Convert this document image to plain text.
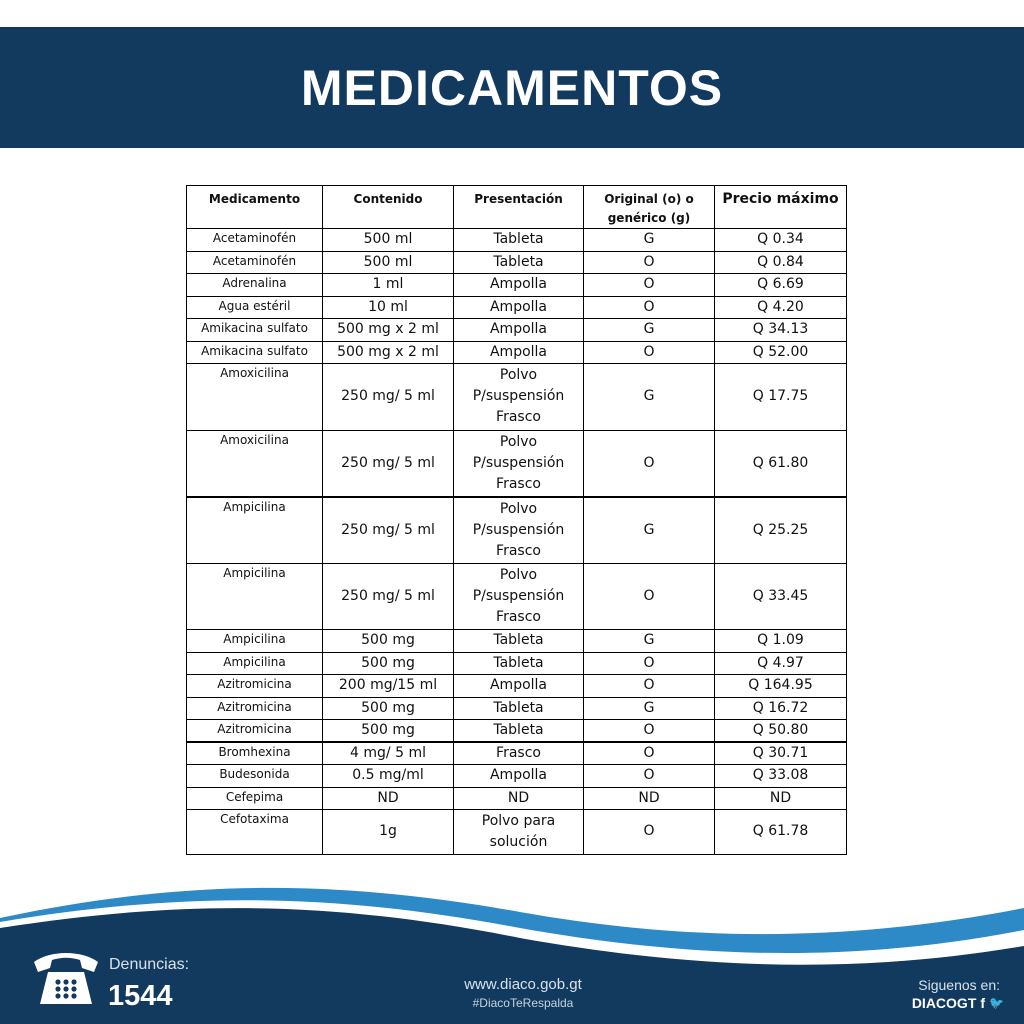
MEDICAMENTOS
Medicamento	Contenido	Presentación	Original (o) o genérico (g)	Precio máximo
Acetaminofén	500 ml	Tableta	G	Q 0.34
Acetaminofén	500 ml	Tableta	O	Q 0.84
Adrenalina	1 ml	Ampolla	O	Q 6.69
Agua estéril	10 ml	Ampolla	O	Q 4.20
Amikacina sulfato	500 mg x 2 ml	Ampolla	G	Q 34.13
Amikacina sulfato	500 mg x 2 ml	Ampolla	O	Q 52.00
Amoxicilina	250 mg/ 5 ml	Polvo P/suspensión Frasco	G	Q 17.75
Amoxicilina	250 mg/ 5 ml	Polvo P/suspensión Frasco	O	Q 61.80
Ampicilina	250 mg/ 5 ml	Polvo P/suspensión Frasco	G	Q 25.25
Ampicilina	250 mg/ 5 ml	Polvo P/suspensión Frasco	O	Q 33.45
Ampicilina	500 mg	Tableta	G	Q 1.09
Ampicilina	500 mg	Tableta	O	Q 4.97
Azitromicina	200 mg/15 ml	Ampolla	O	Q 164.95
Azitromicina	500 mg	Tableta	G	Q 16.72
Azitromicina	500 mg	Tableta	O	Q 50.80
Bromhexina	4 mg/ 5 ml	Frasco	O	Q 30.71
Budesonida	0.5 mg/ml	Ampolla	O	Q 33.08
Cefepima	ND	ND	ND	ND
Cefotaxima	1g	Polvo para solución	O	Q 61.78
Denuncias:
1544	www.diaco.gob.gt
#DiacoTeRespalda
Siguenos en:
DIACOGT f 🐦
